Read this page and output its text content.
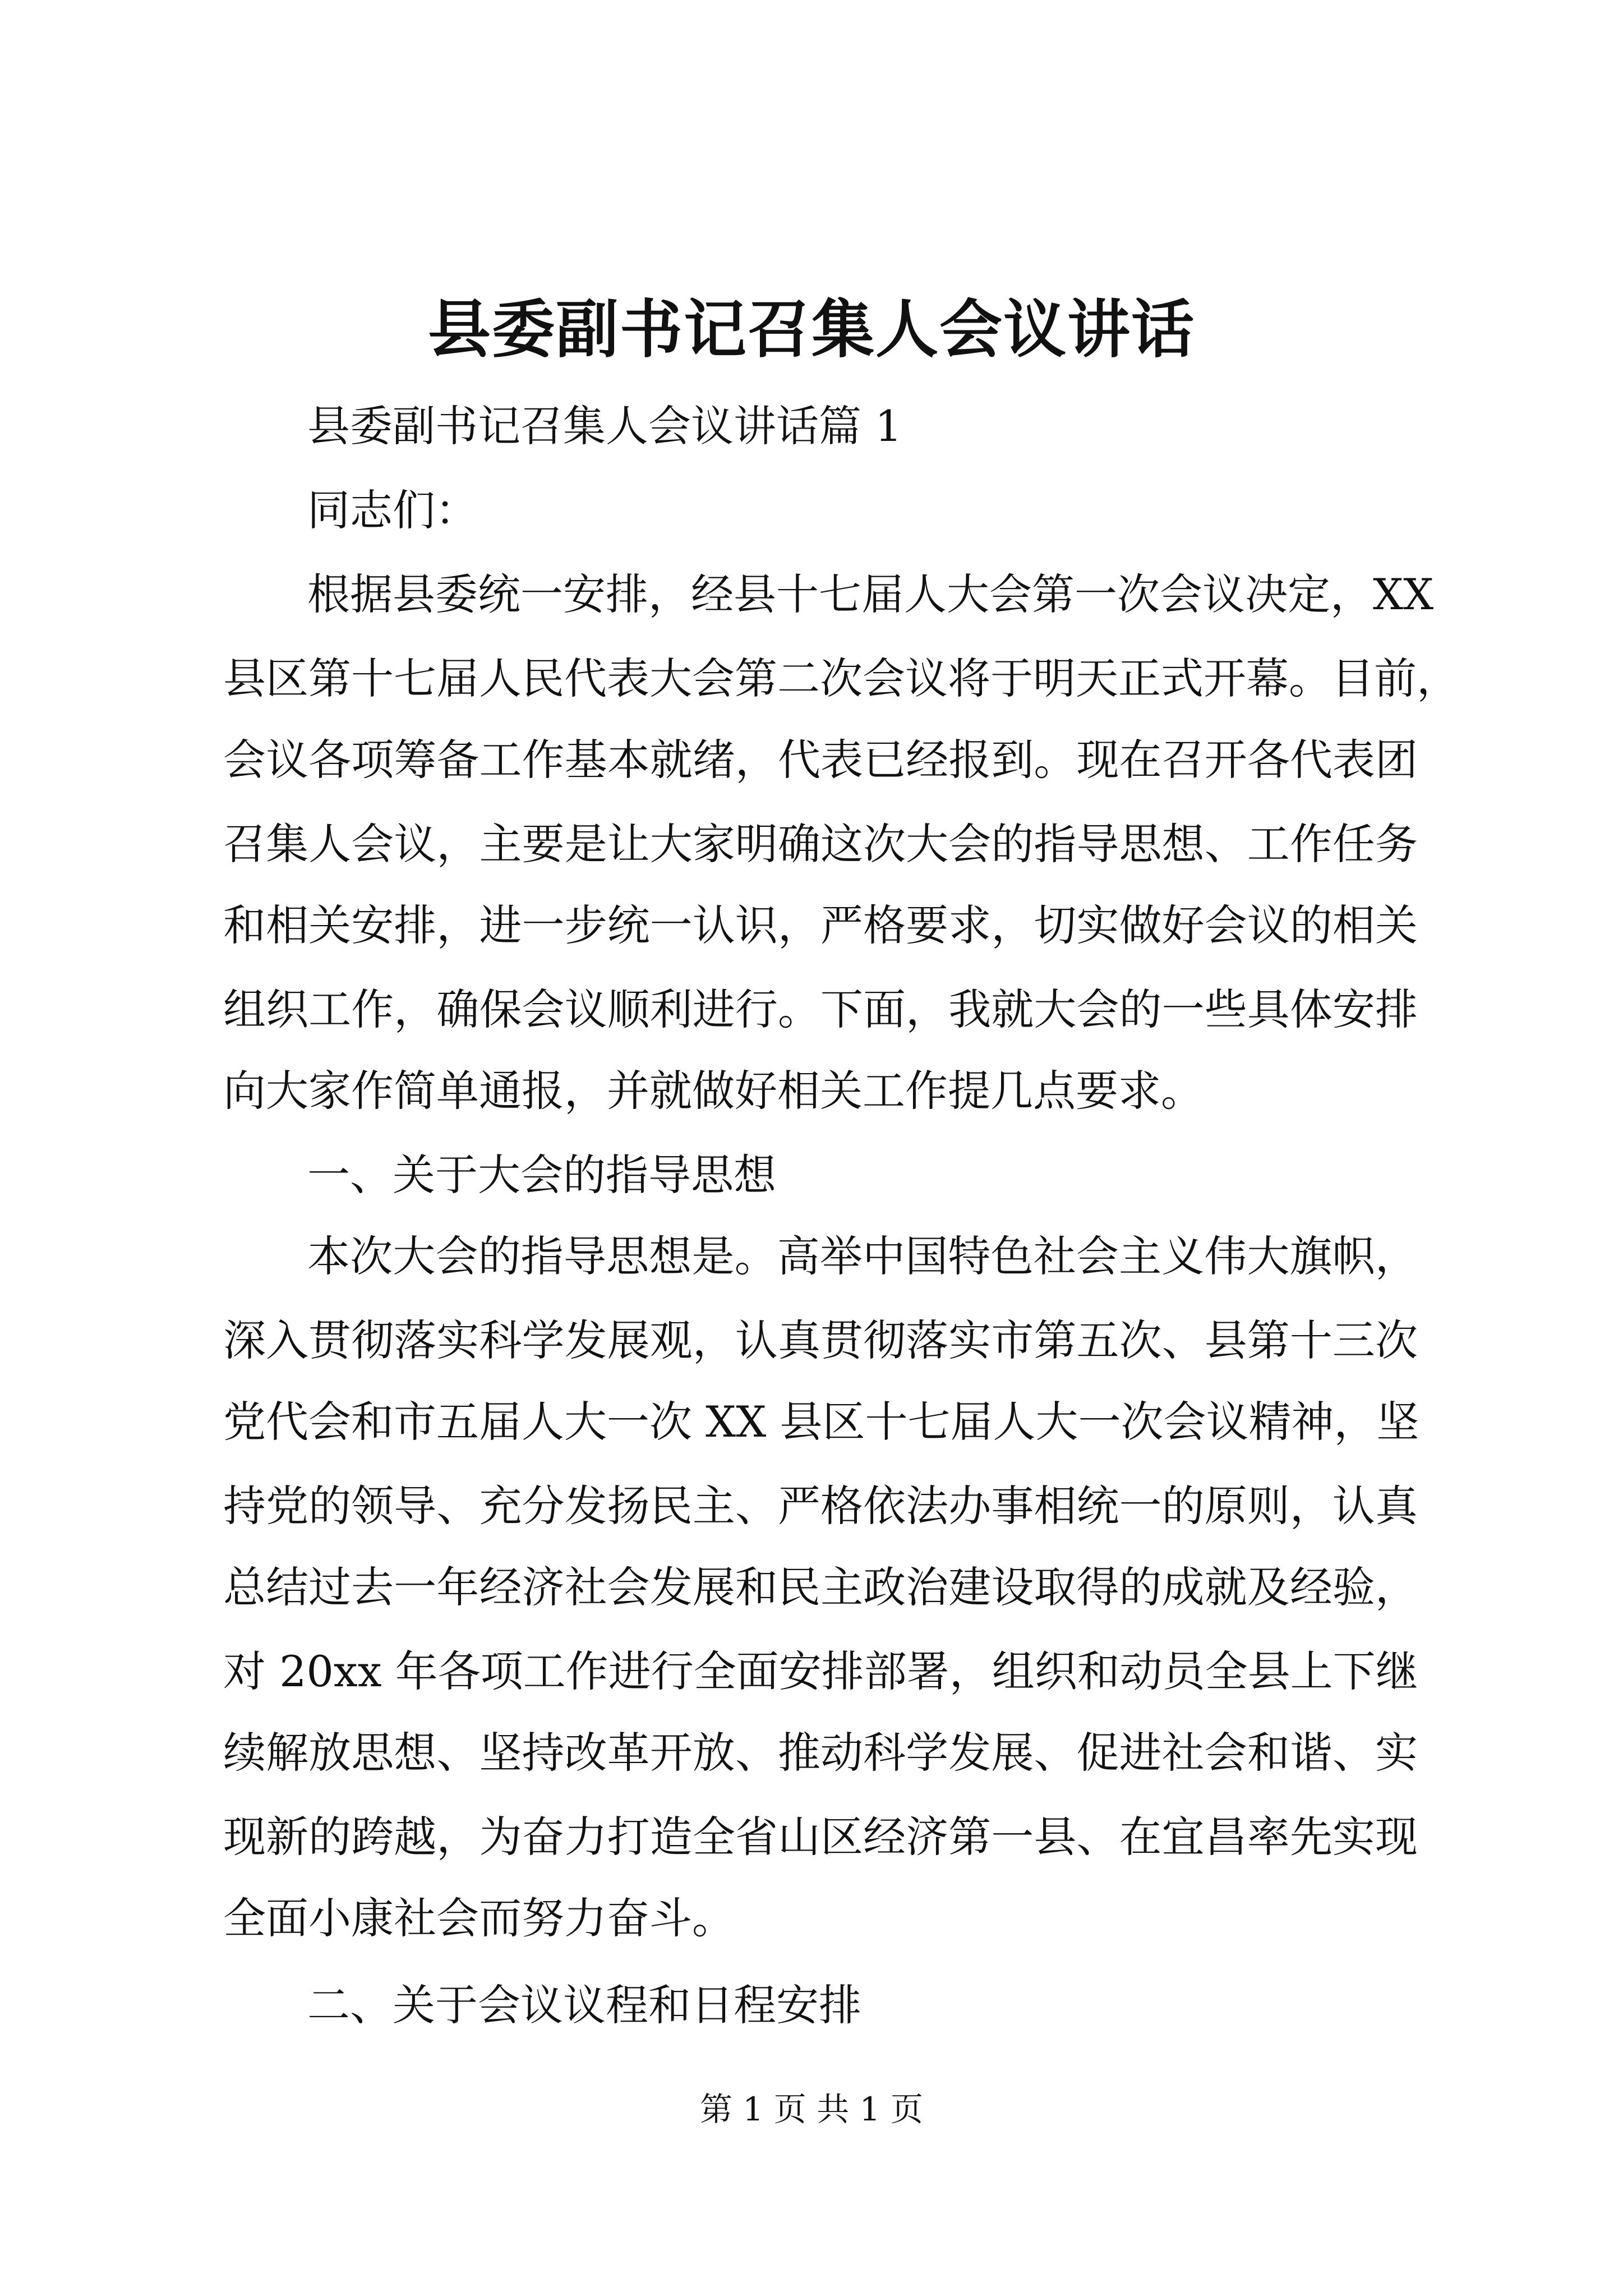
县委副书记召集人会议讲话
县委副书记召集人会议讲话篇 1
同志们：
根据县委统一安排，经县十七届人大会第一次会议决定，XX
县区第十七届人民代表大会第二次会议将于明天正式开幕。目前，
会议各项筹备工作基本就绪，代表已经报到。现在召开各代表团
召集人会议，主要是让大家明确这次大会的指导思想、工作任务
和相关安排，进一步统一认识，严格要求，切实做好会议的相关
组织工作，确保会议顺利进行。下面，我就大会的一些具体安排
向大家作简单通报，并就做好相关工作提几点要求。
一、关于大会的指导思想
本次大会的指导思想是。高举中国特色社会主义伟大旗帜，
深入贯彻落实科学发展观，认真贯彻落实市第五次、县第十三次
党代会和市五届人大一次 XX 县区十七届人大一次会议精神，坚
持党的领导、充分发扬民主、严格依法办事相统一的原则，认真
总结过去一年经济社会发展和民主政治建设取得的成就及经验，
对 20xx 年各项工作进行全面安排部署，组织和动员全县上下继
续解放思想、坚持改革开放、推动科学发展、促进社会和谐、实
现新的跨越，为奋力打造全省山区经济第一县、在宜昌率先实现
全面小康社会而努力奋斗。
二、关于会议议程和日程安排
第 1 页 共 1 页
